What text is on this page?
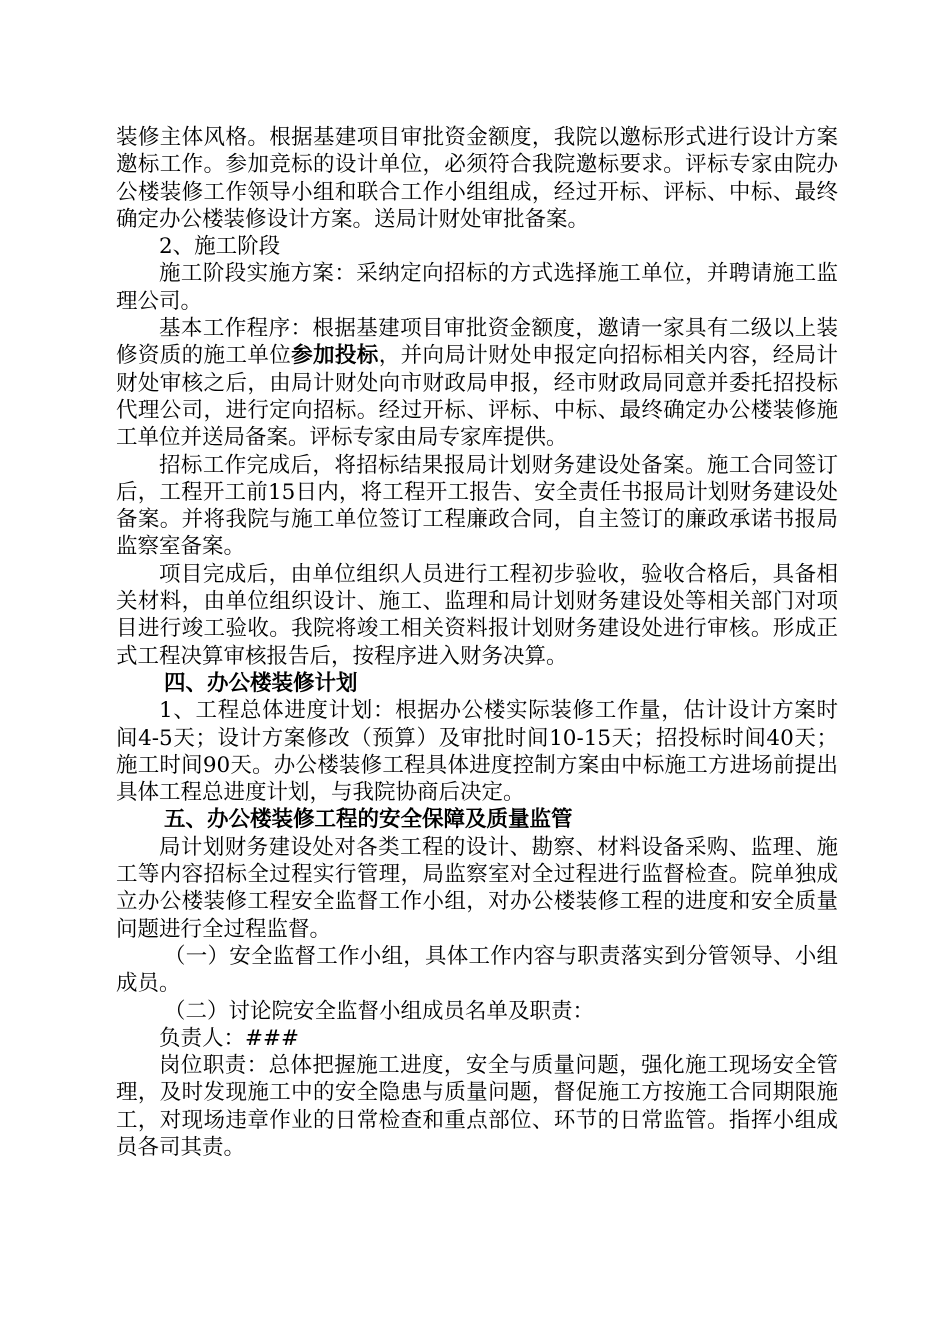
装修主体风格。根据基建项目审批资金额度，我院以邀标形式进行设计方案邀标工作。参加竞标的设计单位，必须符合我院邀标要求。评标专家由院办公楼装修工作领导小组和联合工作小组组成，经过开标、评标、中标、最终确定办公楼装修设计方案。送局计财处审批备案。

2、施工阶段

施工阶段实施方案：采纳定向招标的方式选择施工单位，并聘请施工监理公司。

基本工作程序：根据基建项目审批资金额度，邀请一家具有二级以上装修资质的施工单位参加投标，并向局计财处申报定向招标相关内容，经局计财处审核之后，由局计财处向市财政局申报，经市财政局同意并委托招投标代理公司，进行定向招标。经过开标、评标、中标、最终确定办公楼装修施工单位并送局备案。评标专家由局专家库提供。

招标工作完成后，将招标结果报局计划财务建设处备案。施工合同签订后，工程开工前15日内，将工程开工报告、安全责任书报局计划财务建设处备案。并将我院与施工单位签订工程廉政合同，自主签订的廉政承诺书报局监察室备案。

项目完成后，由单位组织人员进行工程初步验收，验收合格后，具备相关材料，由单位组织设计、施工、监理和局计划财务建设处等相关部门对项目进行竣工验收。我院将竣工相关资料报计划财务建设处进行审核。形成正式工程决算审核报告后，按程序进入财务决算。

四、办公楼装修计划

1、工程总体进度计划：根据办公楼实际装修工作量，估计设计方案时间4-5天；设计方案修改（预算）及审批时间10-15天；招投标时间40天；施工时间90天。办公楼装修工程具体进度控制方案由中标施工方进场前提出具体工程总进度计划，与我院协商后决定。

五、办公楼装修工程的安全保障及质量监管

局计划财务建设处对各类工程的设计、勘察、材料设备采购、监理、施工等内容招标全过程实行管理，局监察室对全过程进行监督检查。院单独成立办公楼装修工程安全监督工作小组，对办公楼装修工程的进度和安全质量问题进行全过程监督。

（一）安全监督工作小组，具体工作内容与职责落实到分管领导、小组成员。

（二）讨论院安全监督小组成员名单及职责：

负责人：###

岗位职责：总体把握施工进度，安全与质量问题，强化施工现场安全管理，及时发现施工中的安全隐患与质量问题，督促施工方按施工合同期限施工，对现场违章作业的日常检查和重点部位、环节的日常监管。指挥小组成员各司其责。
